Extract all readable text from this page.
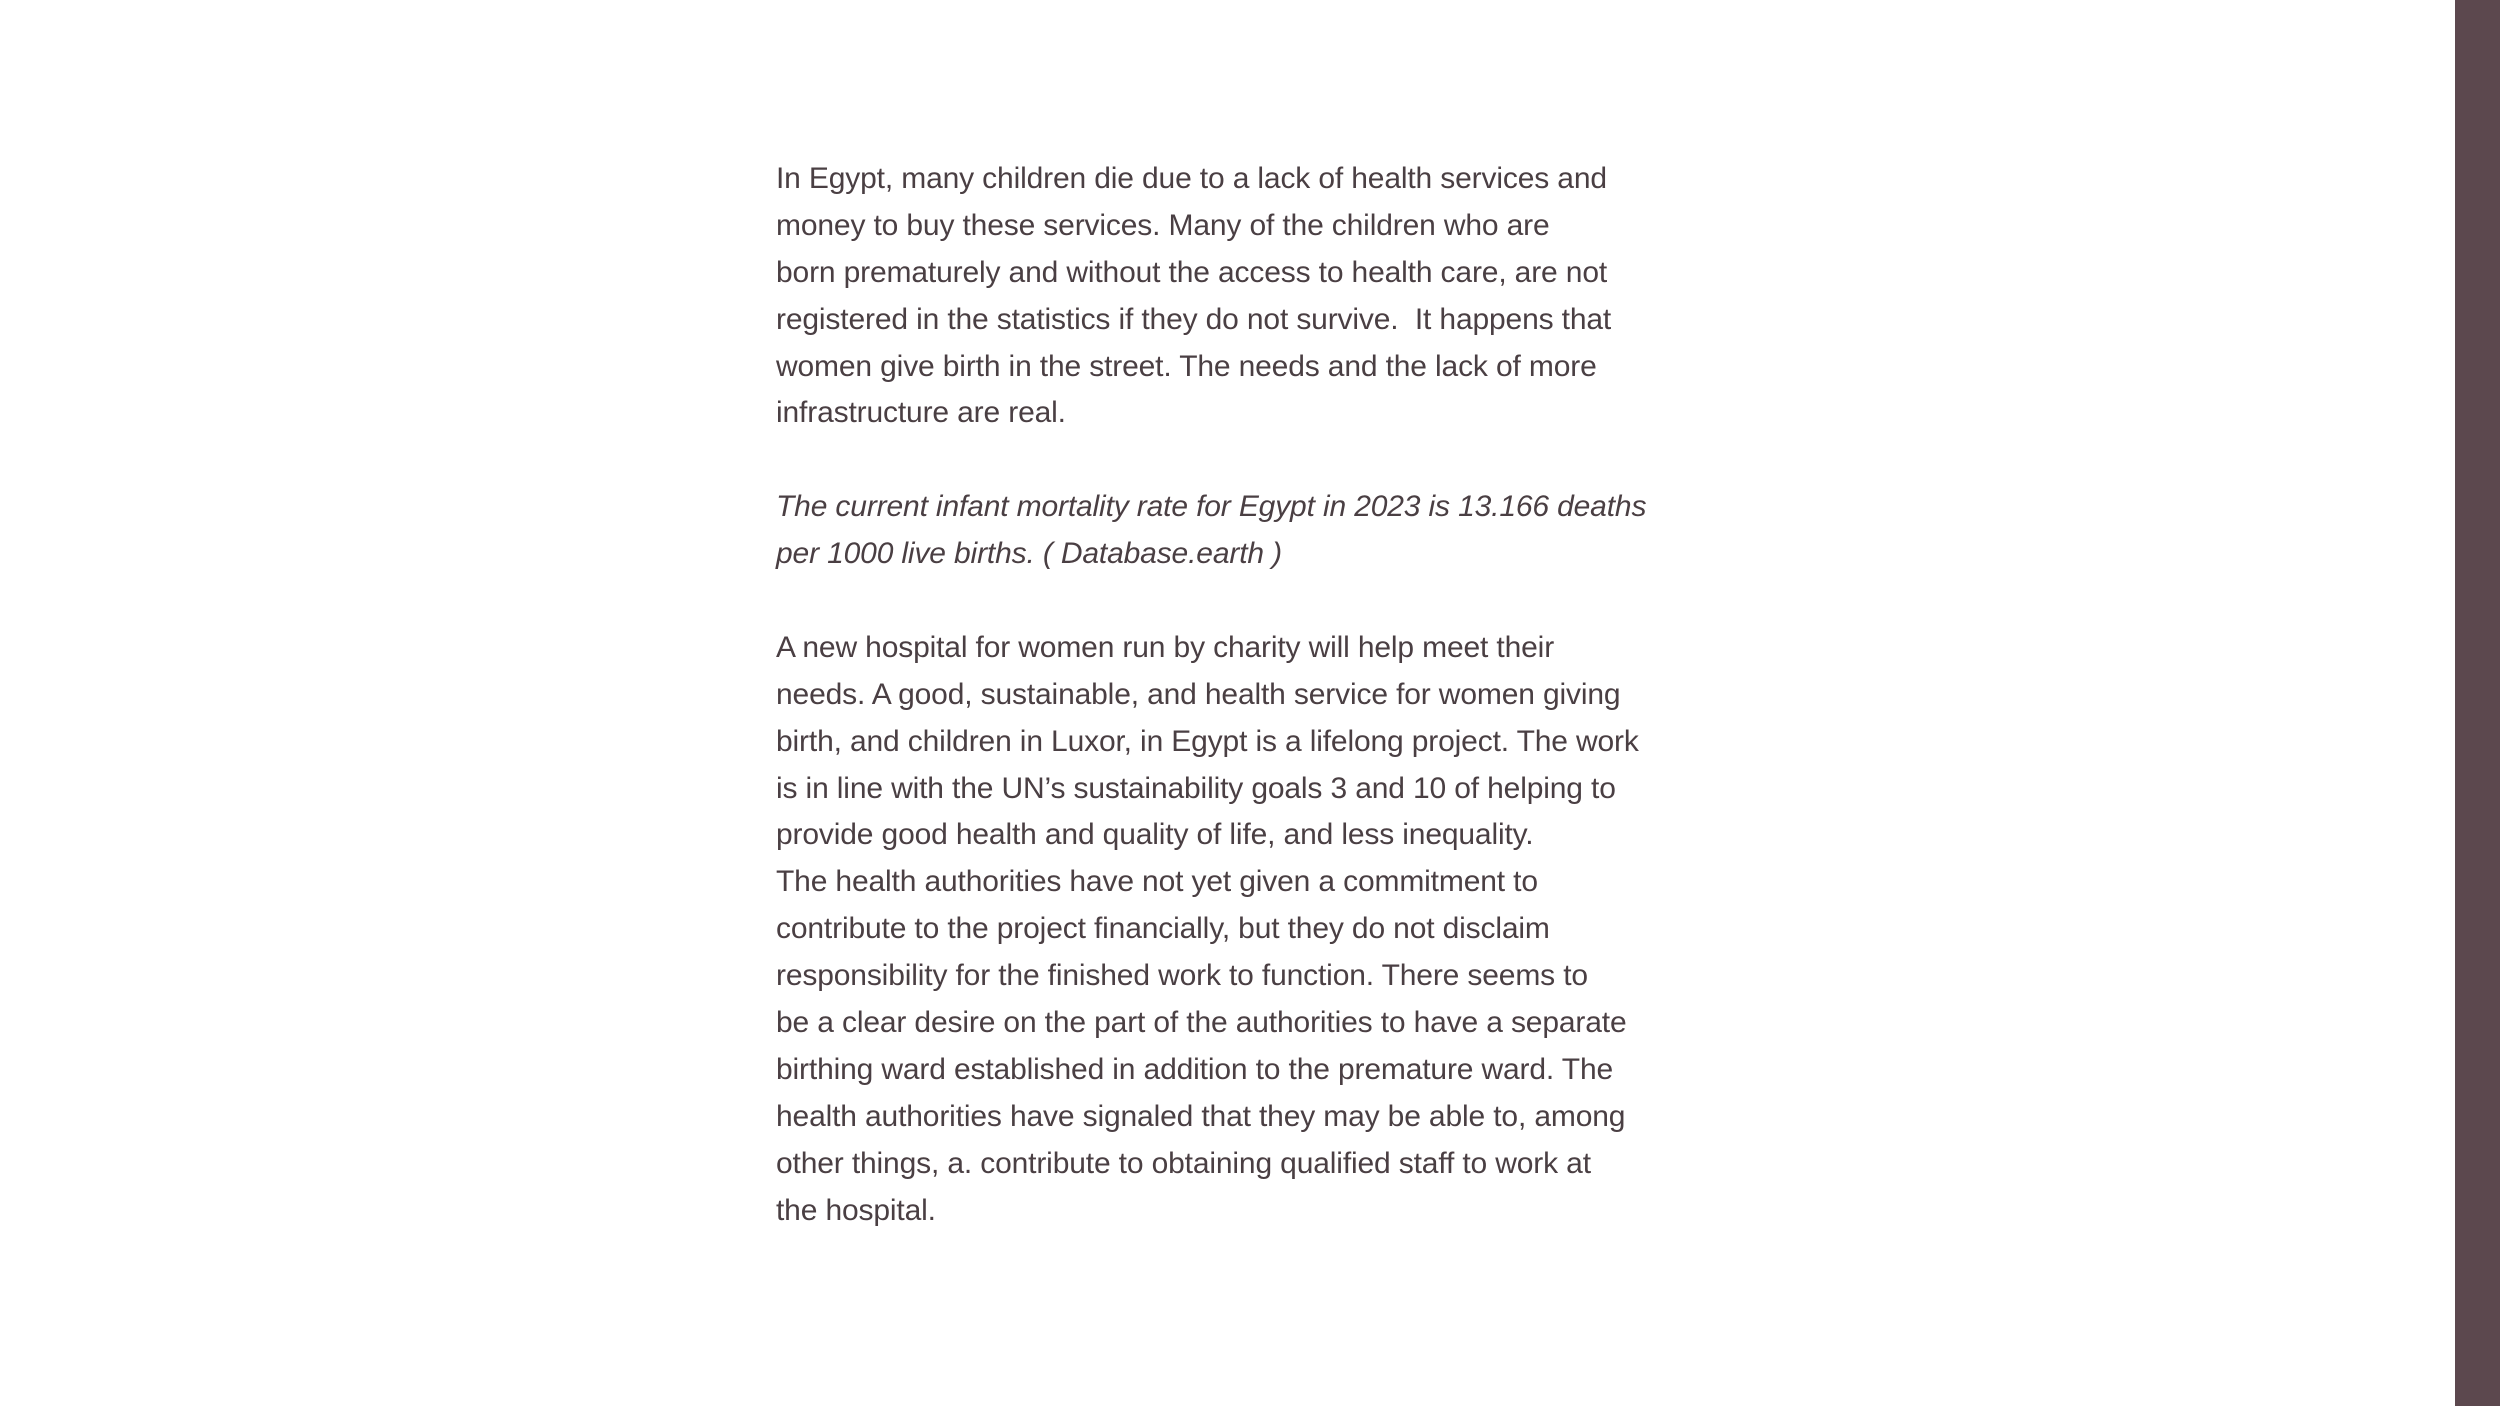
In Egypt, many children die due to a lack of health services and
money to buy these services. Many of the children who are
born prematurely and without the access to health care, are not
registered in the statistics if they do not survive.  It happens that
women give birth in the street. The needs and the lack of more
infrastructure are real.
The current infant mortality rate for Egypt in 2023 is 13.166 deaths
per 1000 live births. ( Database.earth )
A new hospital for women run by charity will help meet their
needs. A good, sustainable, and health service for women giving
birth, and children in Luxor, in Egypt is a lifelong project. The work
is in line with the UN’s sustainability goals 3 and 10 of helping to
provide good health and quality of life, and less inequality.
The health authorities have not yet given a commitment to
contribute to the project financially, but they do not disclaim
responsibility for the finished work to function. There seems to
be a clear desire on the part of the authorities to have a separate
birthing ward established in addition to the premature ward. The
health authorities have signaled that they may be able to, among
other things, a. contribute to obtaining qualified staff to work at
the hospital.
